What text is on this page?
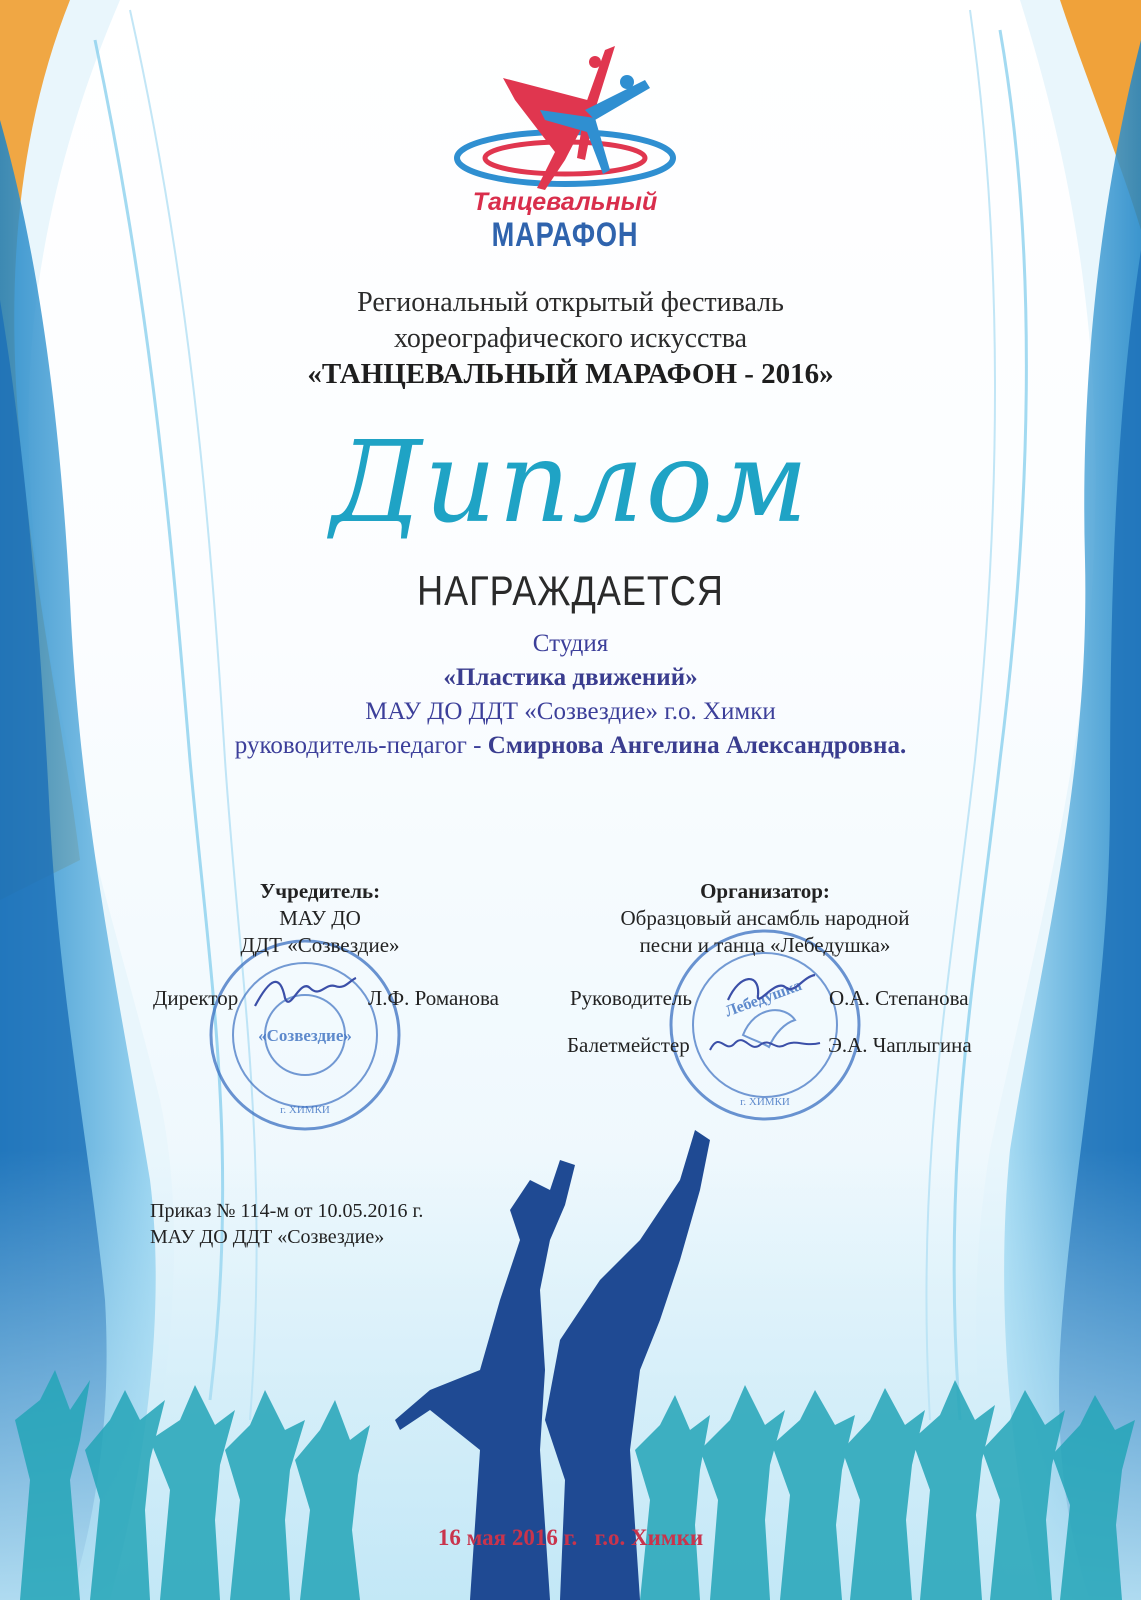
Танцевальный
МАРАФОН
Региональный открытый фестиваль
хореографического искусства
«ТАНЦЕВАЛЬНЫЙ МАРАФОН - 2016»
Диплом
НАГРАЖДАЕТСЯ
Студия
«Пластика движений»
МАУ ДО ДДТ «Созвездие» г.о. Химки
руководитель-педагог - Смирнова Ангелина Александровна.
«Созвездие»
г. ХИМКИ
Лебедушка
г. ХИМКИ
Учредитель:
МАУ ДО
ДДТ «Созвездие»
Директор	Л.Ф. Романова
Организатор:
Образцовый ансамбль народной
песни и танца «Лебедушка»
Руководитель	О.А. Степанова
Балетмейстер	Э.А. Чаплыгина
Приказ № 114-м от 10.05.2016 г.
МАУ ДО ДДТ «Созвездие»
16 мая 2016 г.   г.о. Химки
